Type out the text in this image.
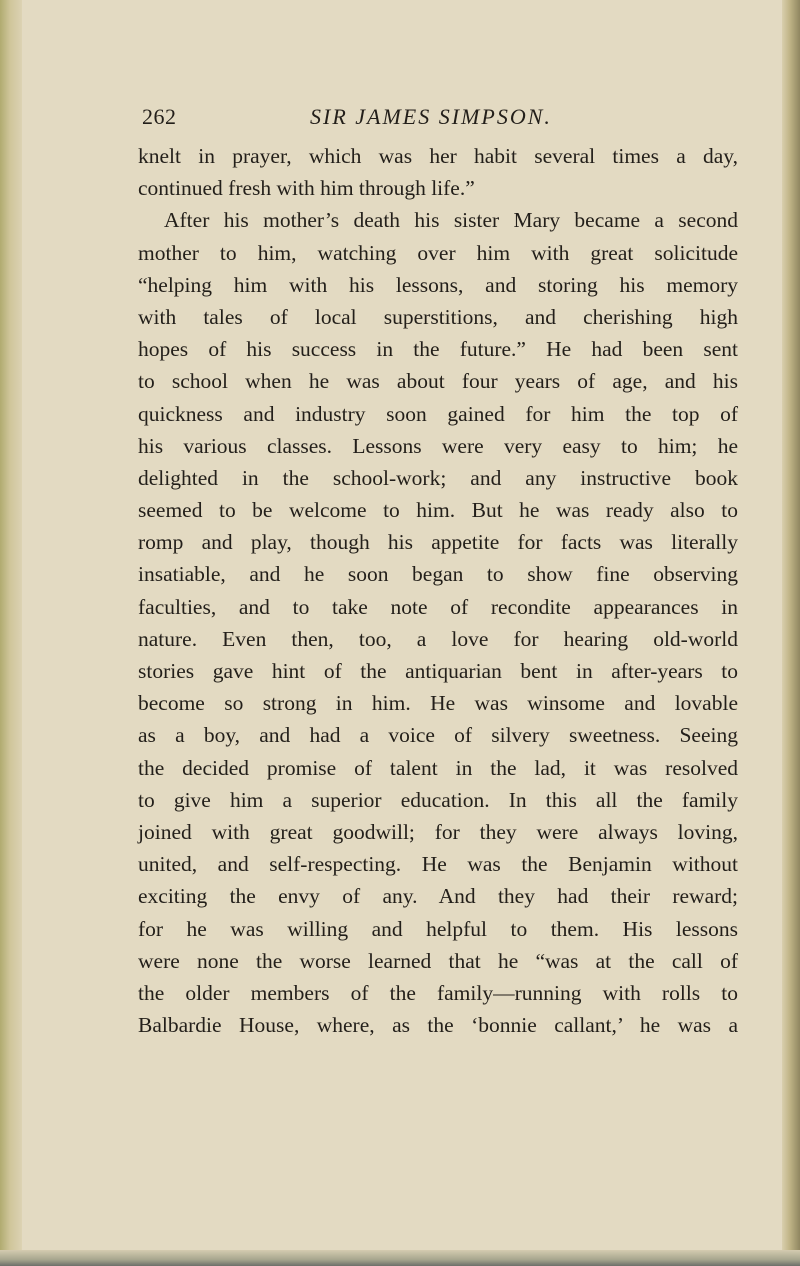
262	SIR JAMES SIMPSON.
knelt in prayer, which was her habit several times a day,
continued fresh with him through life.”
After his mother’s death his sister Mary became a second
mother to him, watching over him with great solicitude
“helping him with his lessons, and storing his memory
with tales of local superstitions, and cherishing high
hopes of his success in the future.” He had been sent
to school when he was about four years of age, and his
quickness and industry soon gained for him the top of
his various classes. Lessons were very easy to him; he
delighted in the school-work; and any instructive book
seemed to be welcome to him. But he was ready also to
romp and play, though his appetite for facts was literally
insatiable, and he soon began to show fine observing
faculties, and to take note of recondite appearances in
nature. Even then, too, a love for hearing old-world
stories gave hint of the antiquarian bent in after-years to
become so strong in him. He was winsome and lovable
as a boy, and had a voice of silvery sweetness. Seeing
the decided promise of talent in the lad, it was resolved
to give him a superior education. In this all the family
joined with great goodwill; for they were always loving,
united, and self-respecting. He was the Benjamin without
exciting the envy of any. And they had their reward;
for he was willing and helpful to them. His lessons
were none the worse learned that he “was at the call of
the older members of the family—running with rolls to
Balbardie House, where, as the ‘bonnie callant,’ he was a
